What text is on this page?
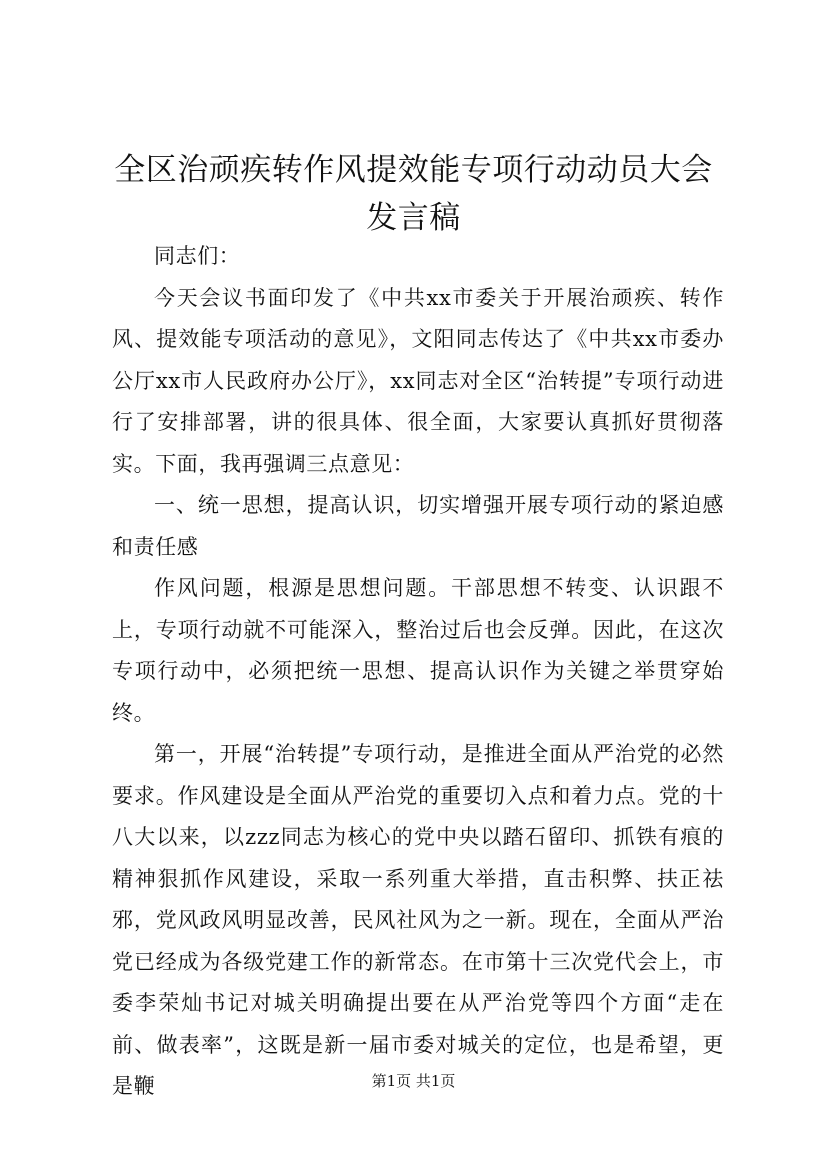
全区治顽疾转作风提效能专项行动动员大会发言稿

同志们：

今天会议书面印发了《中共xx市委关于开展治顽疾、转作风、提效能专项活动的意见》，文阳同志传达了《中共xx市委办公厅xx市人民政府办公厅》，xx同志对全区“治转提”专项行动进行了安排部署，讲的很具体、很全面，大家要认真抓好贯彻落实。下面，我再强调三点意见：

一、统一思想，提高认识，切实增强开展专项行动的紧迫感和责任感

作风问题，根源是思想问题。干部思想不转变、认识跟不上，专项行动就不可能深入，整治过后也会反弹。因此，在这次专项行动中，必须把统一思想、提高认识作为关键之举贯穿始终。

第一，开展“治转提”专项行动，是推进全面从严治党的必然要求。作风建设是全面从严治党的重要切入点和着力点。党的十八大以来，以zzz同志为核心的党中央以踏石留印、抓铁有痕的精神狠抓作风建设，采取一系列重大举措，直击积弊、扶正祛邪，党风政风明显改善，民风社风为之一新。现在，全面从严治党已经成为各级党建工作的新常态。在市第十三次党代会上，市委李荣灿书记对城关明确提出要在从严治党等四个方面“走在前、做表率”，这既是新一届市委对城关的定位，也是希望，更是鞭	第1页 共1页
